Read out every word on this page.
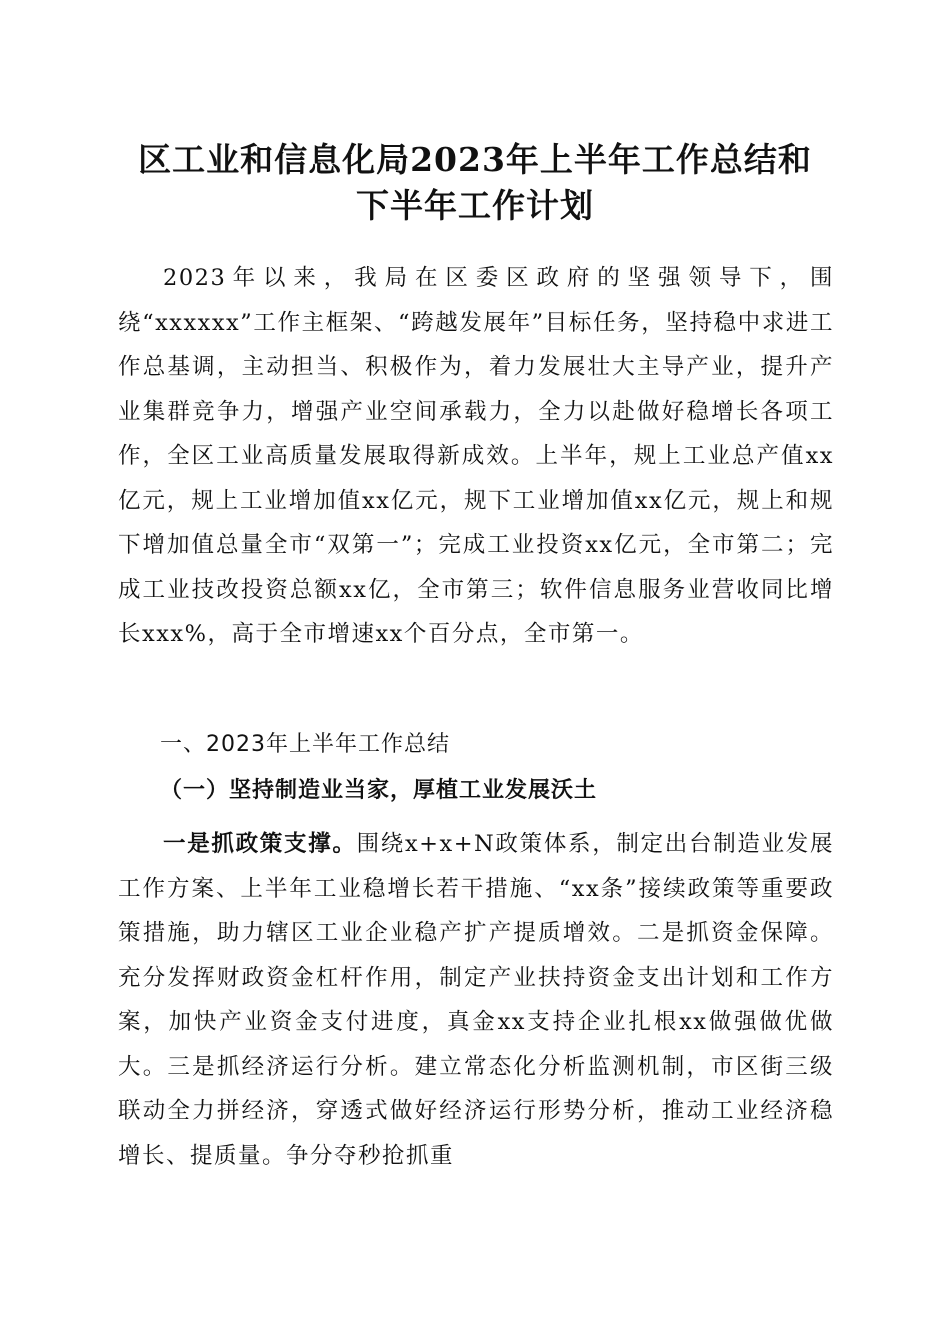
区工业和信息化局2023年上半年工作总结和
下半年工作计划

2023年以来，我局在区委区政府的坚强领导下，围绕“xxxxxx”工作主框架、“跨越发展年”目标任务，坚持稳中求进工作总基调，主动担当、积极作为，着力发展壮大主导产业，提升产业集群竞争力，增强产业空间承载力，全力以赴做好稳增长各项工作，全区工业高质量发展取得新成效。上半年，规上工业总产值xx亿元，规上工业增加值xx亿元，规下工业增加值xx亿元，规上和规下增加值总量全市“双第一”；完成工业投资xx亿元，全市第二；完成工业技改投资总额xx亿，全市第三；软件信息服务业营收同比增长xxx%，高于全市增速xx个百分点，全市第一。

一、2023年上半年工作总结
（一）坚持制造业当家，厚植工业发展沃土

一是抓政策支撑。围绕x+x+N政策体系，制定出台制造业发展工作方案、上半年工业稳增长若干措施、“xx条”接续政策等重要政策措施，助力辖区工业企业稳产扩产提质增效。二是抓资金保障。充分发挥财政资金杠杆作用，制定产业扶持资金支出计划和工作方案，加快产业资金支付进度，真金xx支持企业扎根xx做强做优做大。三是抓经济运行分析。建立常态化分析监测机制，市区街三级联动全力拼经济，穿透式做好经济运行形势分析，推动工业经济稳增长、提质量。争分夺秒抢抓重
